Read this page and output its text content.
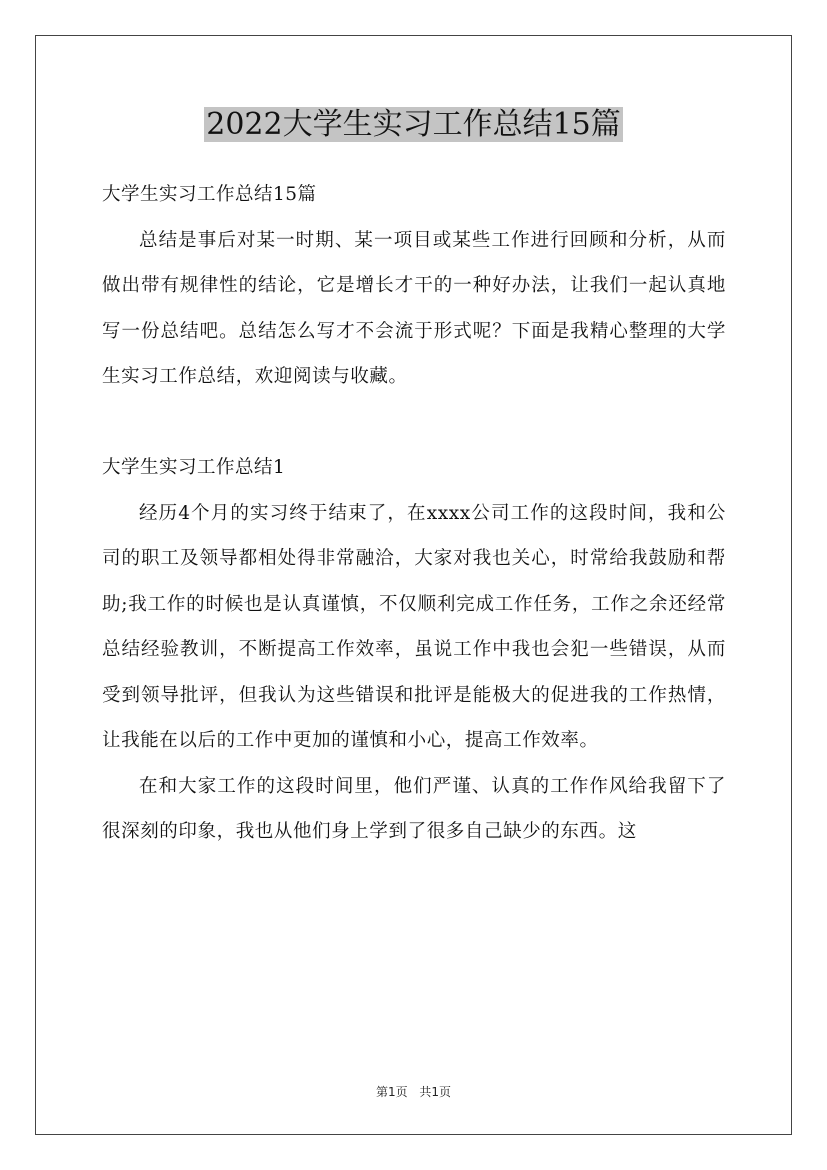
2022大学生实习工作总结15篇

大学生实习工作总结15篇

总结是事后对某一时期、某一项目或某些工作进行回顾和分析，从而做出带有规律性的结论，它是增长才干的一种好办法，让我们一起认真地写一份总结吧。总结怎么写才不会流于形式呢？下面是我精心整理的大学生实习工作总结，欢迎阅读与收藏。

大学生实习工作总结1

经历4个月的实习终于结束了，在xxxx公司工作的这段时间，我和公司的职工及领导都相处得非常融洽，大家对我也关心，时常给我鼓励和帮助;我工作的时候也是认真谨慎，不仅顺利完成工作任务，工作之余还经常总结经验教训，不断提高工作效率，虽说工作中我也会犯一些错误，从而受到领导批评，但我认为这些错误和批评是能极大的促进我的工作热情，让我能在以后的工作中更加的谨慎和小心，提高工作效率。

在和大家工作的这段时间里，他们严谨、认真的工作作风给我留下了很深刻的印象，我也从他们身上学到了很多自己缺少的东西。这

第1页 共1页
